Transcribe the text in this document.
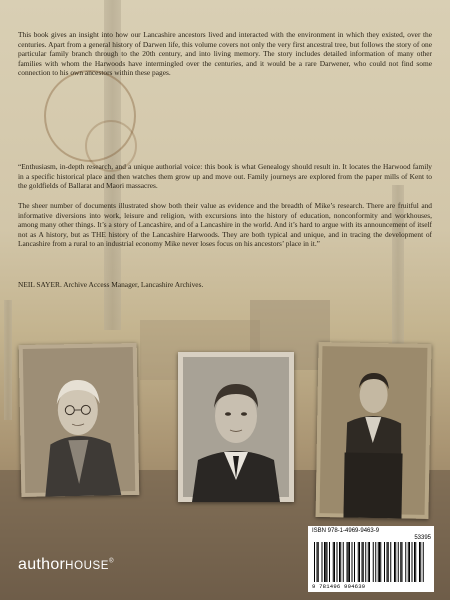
This book gives an insight into how our Lancashire ancestors lived and interacted with the environment in which they existed, over the centuries. Apart from a general history of Darwen life, this volume covers not only the very first ancestral tree, but follows the story of one particular family branch through to the 20th century, and into living memory. The story includes detailed information of many other families with whom the Harwoods have intermingled over the centuries, and it would be a rare Darwener, who could not find some connection to his own ancestors within these pages.

“Enthusiasm, in-depth research, and a unique authorial voice: this book is what Genealogy should result in. It locates the Harwood family in a specific historical place and then watches them grow up and move out. Family journeys are explored from the paper mills of Kent to the goldfields of Ballarat and Maori massacres.

The sheer number of documents illustrated show both their value as evidence and the breadth of Mike’s research. There are fruitful and informative diversions into work, leisure and religion, with excursions into the history of education, nonconformity and workhouses, among many other things. It’s a story of Lancashire, and of a Lancashire in the world. And it’s hard to argue with its announcement of itself not as A history, but as THE history of the Lancashire Harwoods. They are both typical and unique, and in tracing the development of Lancashire from a rural to an industrial economy Mike never loses focus on his ancestors’ place in it.”

NEIL SAYER. Archive Access Manager, Lancashire Archives.

authorHOUSE®
ISBN 978-1-4969-9463-9
53395
9 781496 994639
